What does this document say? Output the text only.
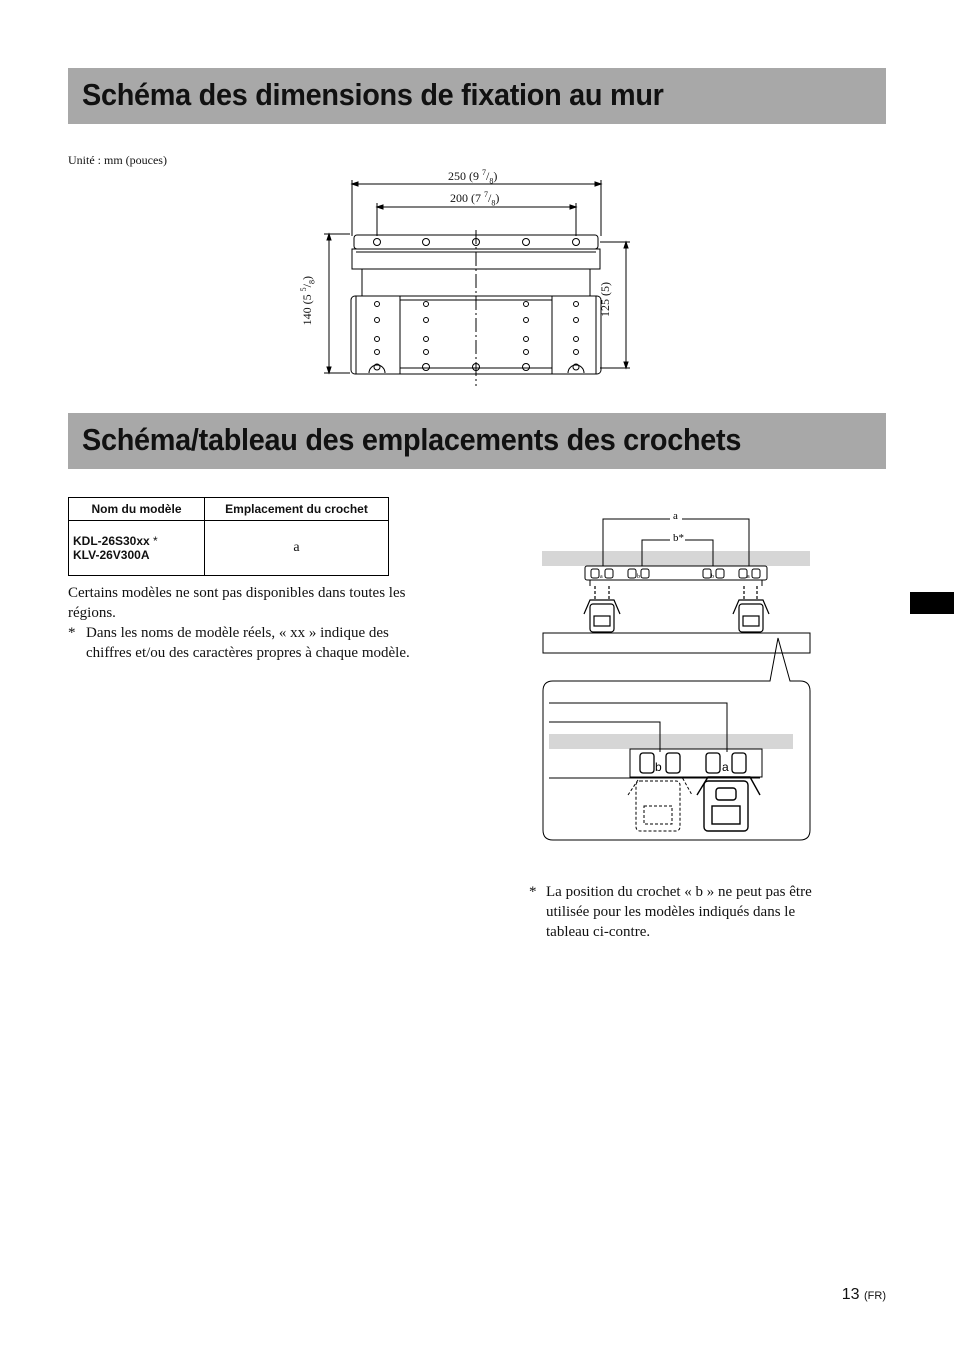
Schéma des dimensions de fixation au mur
Schéma/tableau des emplacements des crochets
Unité : mm (pouces)
250 (9 $^7/_8$)
200 (7 $^7/_8$)
140 (5 $^5/_8$)
125 (5)
Nom du modèle	Emplacement du crochet
KDL-26S30xx *
KLV-26V300A	a
Certains modèles ne sont pas disponibles dans toutes les régions.
* Dans les noms de modèle réels, « xx » indique des
chiffres et/ou des caractères propres à chaque modèle.
a
b*
a	b	b	a
b	a
* La position du crochet « b » ne peut pas être
utilisée pour les modèles indiqués dans le
tableau ci-contre.
13 (FR)
